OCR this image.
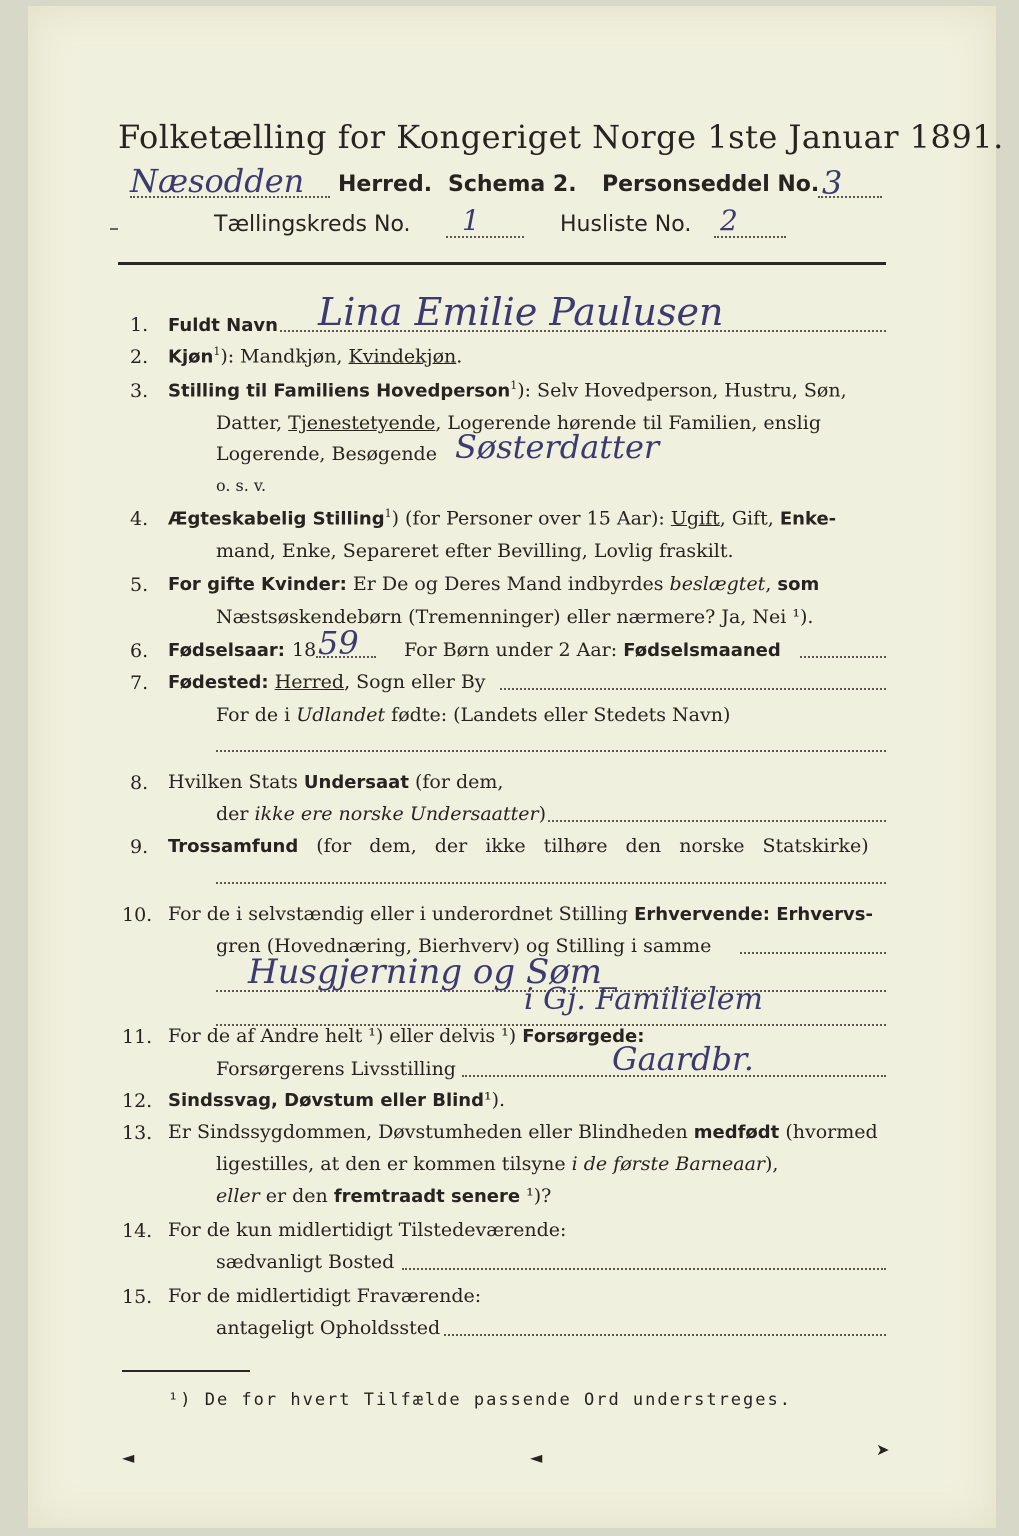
Folketælling for Kongeriget Norge 1ste Januar 1891.
Næsodden Herred. Schema 2. Personseddel No. 3
Tællingskreds No. 1	Husliste No. 2
1. Fuldt Navn Lina Emilie Paulusen
2. Kjøn$^1$): Mandkjøn, Kvindekjøn.
3. Stilling til Familiens Hovedperson$^1$): Selv Hovedperson, Hustru, Søn,
Datter, Tjenestetyende, Logerende hørende til Familien, enslig
Logerende, Besøgende Søsterdatter
o. s. v.
4. Ægteskabelig Stilling$^1$) (for Personer over 15 Aar): Ugift, Gift, Enke-
mand, Enke, Separeret efter Bevilling, Lovlig fraskilt.
5. For gifte Kvinder: Er De og Deres Mand indbyrdes beslægtet, som
Næstsøskendebørn (Tremenninger) eller nærmere? Ja, Nei ¹).
6. Fødselsaar: 18 59 For Børn under 2 Aar: Fødselsmaaned
7. Fødested: Herred, Sogn eller By
For de i Udlandet fødte: (Landets eller Stedets Navn)
8. Hvilken Stats Undersaat (for dem,
der ikke ere norske Undersaatter)
9. Trossamfund (for dem, der ikke tilhøre den norske Statskirke)
10. For de i selvstændig eller i underordnet Stilling Erhvervende: Erhvervs-
gren (Hovednæring, Bierhverv) og Stilling i samme
Husgjerning og Søm
i Gj. Familielem
11. For de af Andre helt ¹) eller delvis ¹) Forsørgede:
Forsørgerens Livsstilling	Gaardbr.
12. Sindssvag, Døvstum eller Blind¹).
13. Er Sindssygdommen, Døvstumheden eller Blindheden medfødt (hvormed
ligestilles, at den er kommen tilsyne i de første Barneaar),
eller er den fremtraadt senere ¹)?
14. For de kun midlertidigt Tilstedeværende:
sædvanligt Bosted
15. For de midlertidigt Fraværende:
antageligt Opholdssted
¹) De for hvert Tilfælde passende Ord understreges.
◄	◄	➤
